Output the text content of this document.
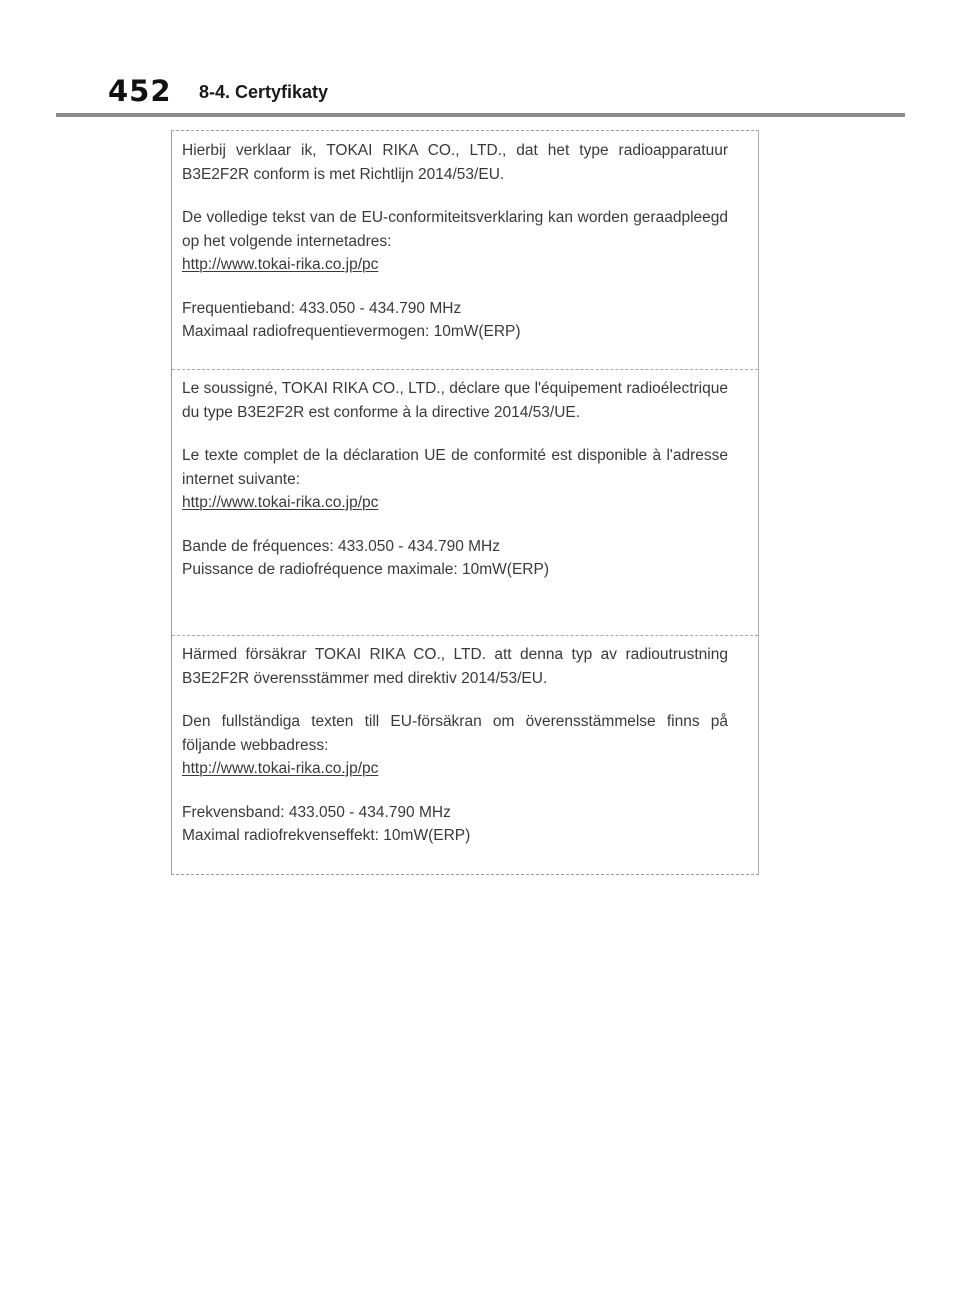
452 8-4. Certyfikaty

Hierbij verklaar ik, TOKAI RIKA CO., LTD., dat het type radioapparatuur B3E2F2R conform is met Richtlijn 2014/53/EU.

De volledige tekst van de EU-conformiteitsverklaring kan worden geraadpleegd op het volgende internetadres:

http://www.tokai-rika.co.jp/pc

Frequentieband: 433.050 - 434.790 MHz

Maximaal radiofrequentievermogen: 10mW(ERP)

Le soussigné, TOKAI RIKA CO., LTD., déclare que l'équipement radioélectrique du type B3E2F2R est conforme à la directive 2014/53/UE.

Le texte complet de la déclaration UE de conformité est disponible à l'adresse internet suivante:

http://www.tokai-rika.co.jp/pc

Bande de fréquences: 433.050 - 434.790 MHz

Puissance de radiofréquence maximale: 10mW(ERP)

Härmed försäkrar TOKAI RIKA CO., LTD. att denna typ av radioutrustning B3E2F2R överensstämmer med direktiv 2014/53/EU.

Den fullständiga texten till EU-försäkran om överensstämmelse finns på följande webbadress:

http://www.tokai-rika.co.jp/pc

Frekvensband: 433.050 - 434.790 MHz

Maximal radiofrekvenseffekt: 10mW(ERP)
